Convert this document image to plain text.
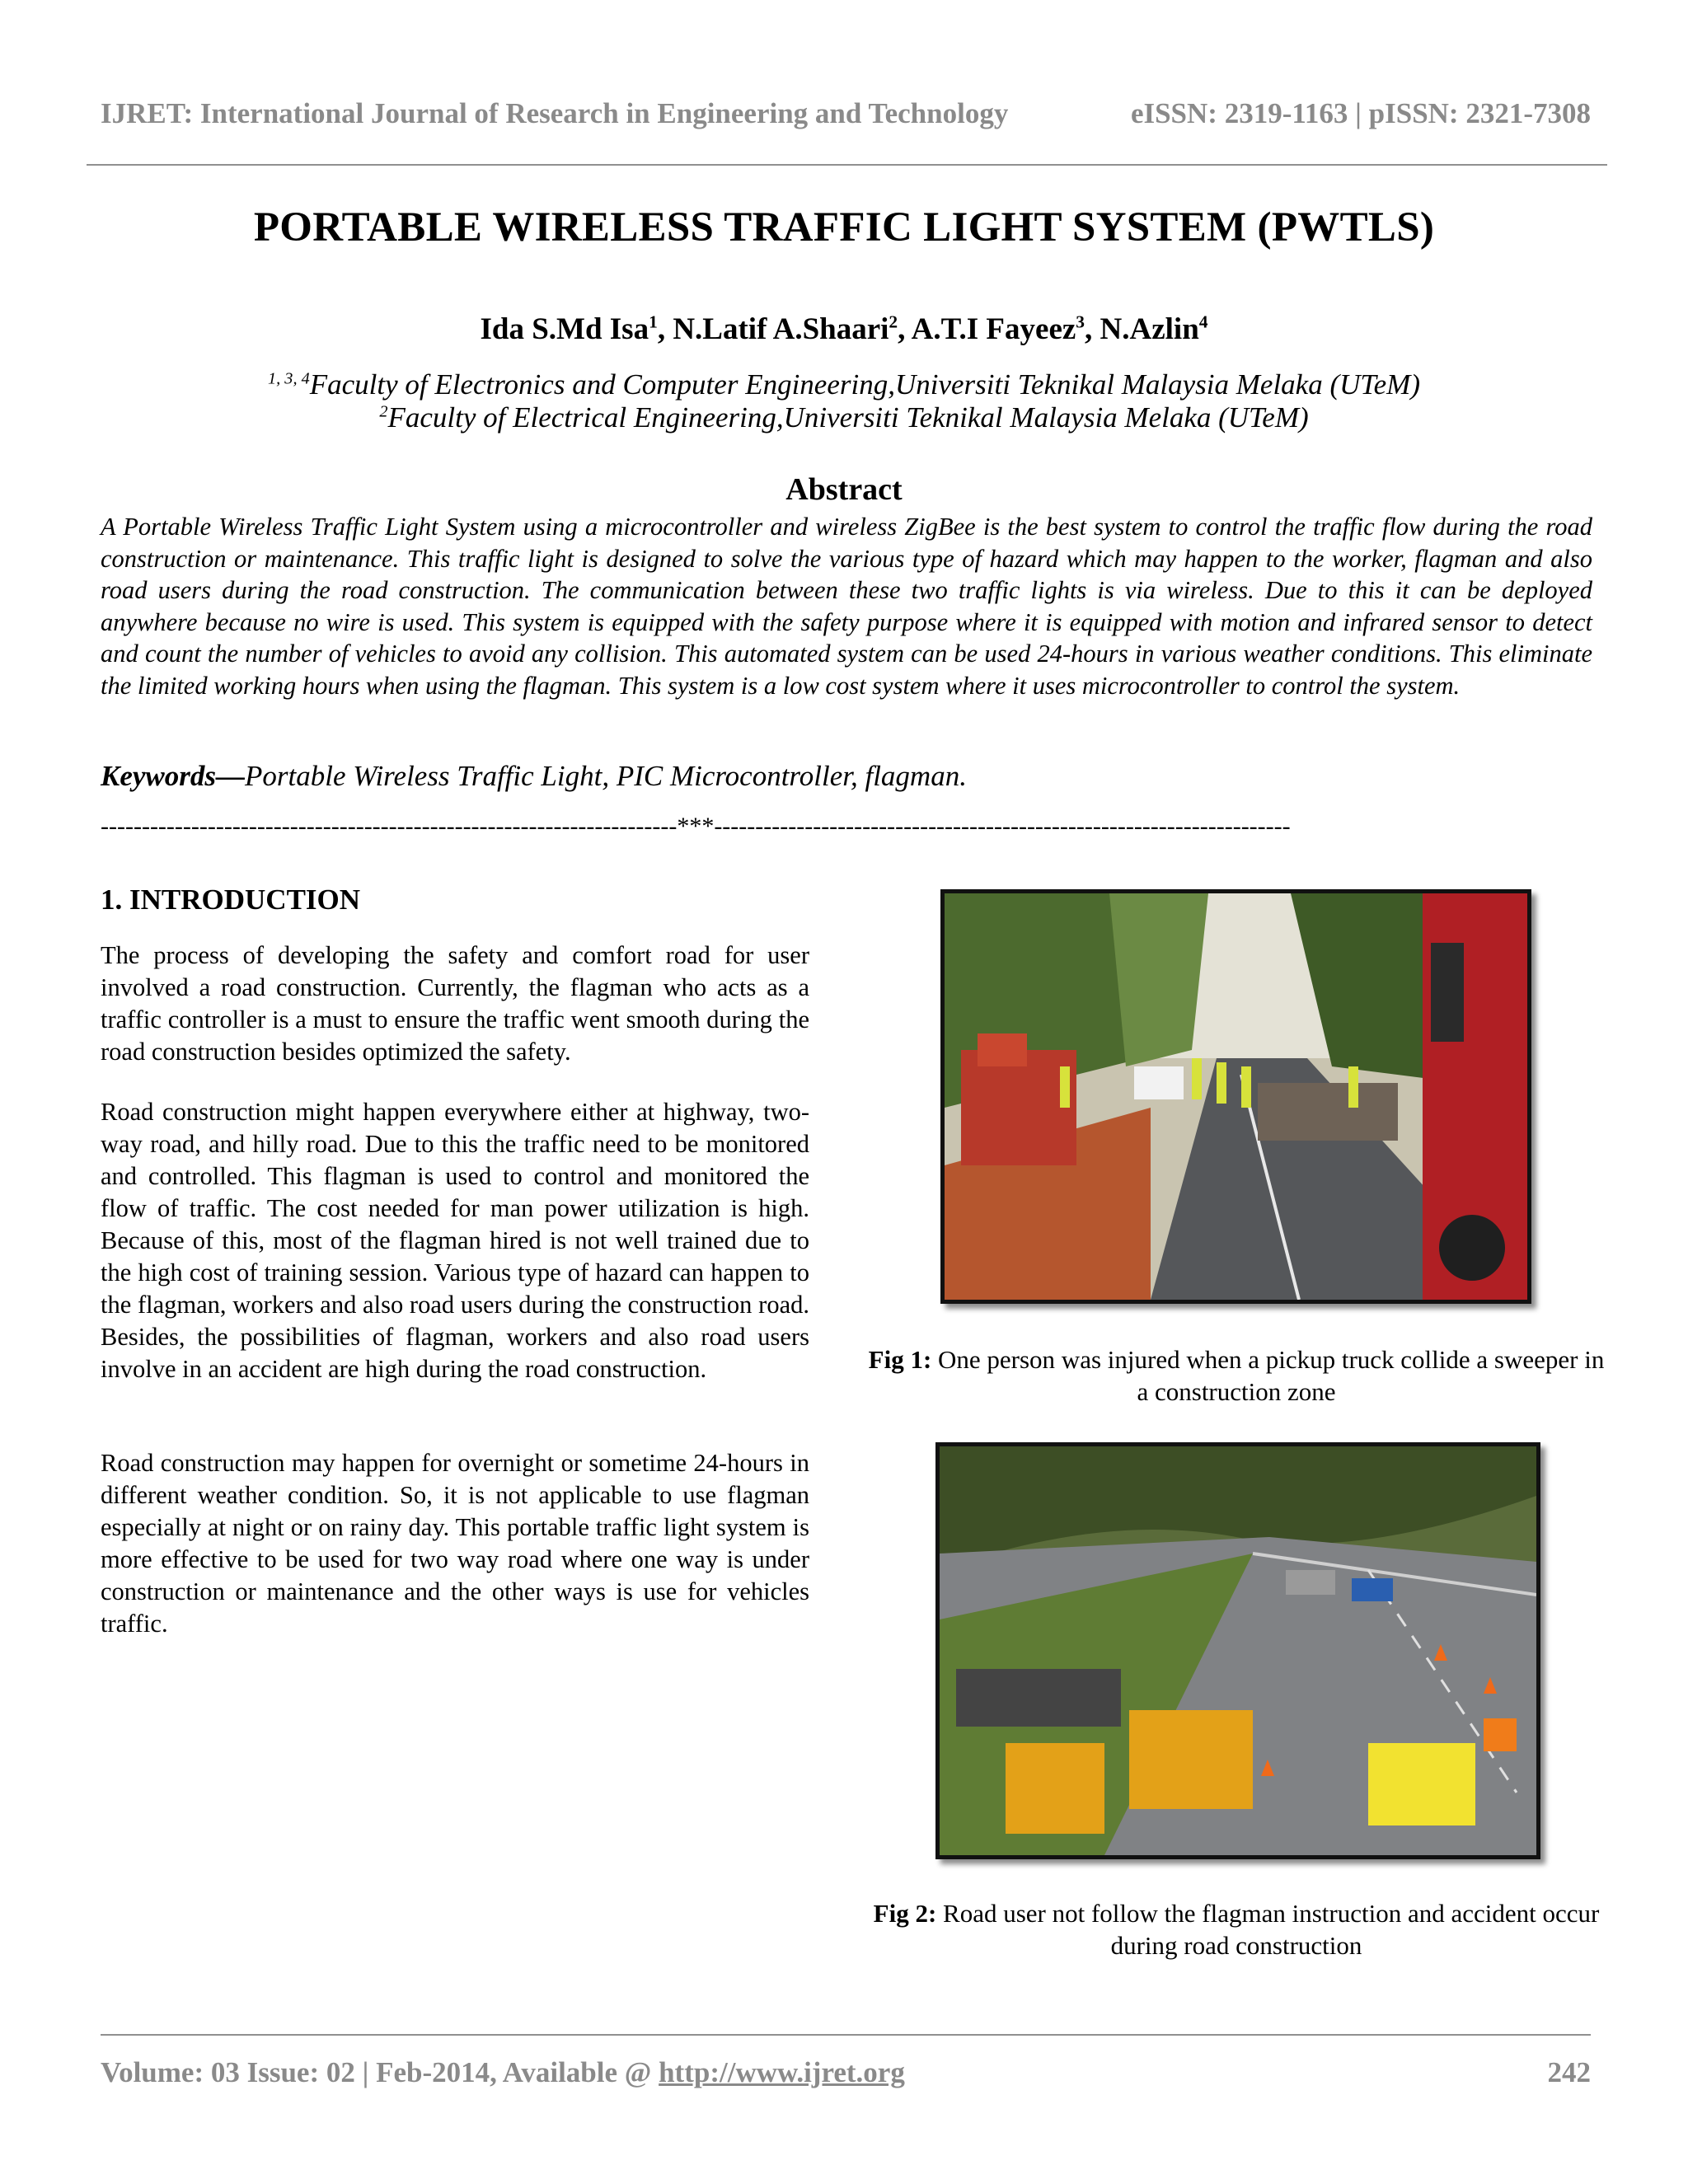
IJRET: International Journal of Research in Engineering and Technology	eISSN: 2319-1163 | pISSN: 2321-7308
PORTABLE WIRELESS TRAFFIC LIGHT SYSTEM (PWTLS)
Ida S.Md Isa$^1$, N.Latif A.Shaari$^2$, A.T.I Fayeez$^3$, N.Azlin$^4$
$^{1, 3, 4}$Faculty of Electronics and Computer Engineering,Universiti Teknikal Malaysia Melaka (UTeM)
$^2$Faculty of Electrical Engineering,Universiti Teknikal Malaysia Melaka (UTeM)
Abstract
A Portable Wireless Traffic Light System using a microcontroller and wireless ZigBee is the best system to control the traffic flow during the road construction or maintenance. This traffic light is designed to solve the various type of hazard which may happen to the worker, flagman and also road users during the road construction. The communication between these two traffic lights is via wireless. Due to this it can be deployed anywhere because no wire is used. This system is equipped with the safety purpose where it is equipped with motion and infrared sensor to detect and count the number of vehicles to avoid any collision. This automated system can be used 24-hours in various weather conditions. This eliminate the limited working hours when using the flagman. This system is a low cost system where it uses microcontroller to control the system.
Keywords—Portable Wireless Traffic Light, PIC Microcontroller, flagman.
----------------------------------------------------------------------***----------------------------------------------------------------------
1. INTRODUCTION
The process of developing the safety and comfort road for user involved a road construction. Currently, the flagman who acts as a traffic controller is a must to ensure the traffic went smooth during the road construction besides optimized the safety.
Road construction might happen everywhere either at highway, two-way road, and hilly road. Due to this the traffic need to be monitored and controlled. This flagman is used to control and monitored the flow of traffic. The cost needed for man power utilization is high. Because of this, most of the flagman hired is not well trained due to the high cost of training session. Various type of hazard can happen to the flagman, workers and also road users during the construction road. Besides, the possibilities of flagman, workers and also road users involve in an accident are high during the road construction.
Road construction may happen for overnight or sometime 24-hours in different weather condition. So, it is not applicable to use flagman especially at night or on rainy day. This portable traffic light system is more effective to be used for two way road where one way is under construction or maintenance and the other ways is use for vehicles traffic.
Fig 1: One person was injured when a pickup truck collide a sweeper in a construction zone
Fig 2: Road user not follow the flagman instruction and accident occur during road construction
Volume: 03 Issue: 02 | Feb-2014, Available @ http://www.ijret.org	242
